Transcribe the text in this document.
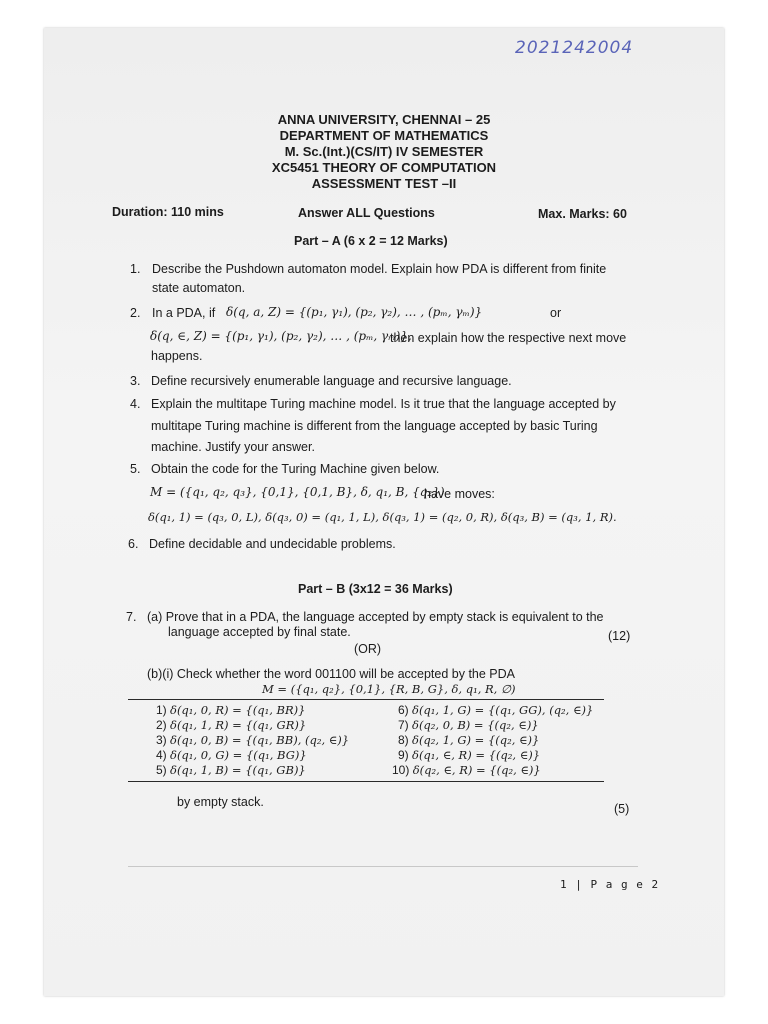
2021242004
ANNA UNIVERSITY, CHENNAI – 25
DEPARTMENT OF MATHEMATICS
M. Sc.(Int.)(CS/IT) IV SEMESTER
XC5451 THEORY OF COMPUTATION
ASSESSMENT TEST –II
Duration: 110 mins	Answer ALL Questions	Max. Marks: 60
Part – A (6 x 2 = 12 Marks)
1. Describe the Pushdown automaton model. Explain how PDA is different from finite
state automaton.
2. In a PDA, if δ(q, a, Z) = {(p₁, γ₁), (p₂, γ₂), … , (pₘ, γₘ)}	or
δ(q, ∈, Z) = {(p₁, γ₁), (p₂, γ₂), … , (pₘ, γₘ)},
then explain how the respective next move
happens.
3. Define recursively enumerable language and recursive language.
4. Explain the multitape Turing machine model. Is it true that the language accepted by
multitape Turing machine is different from the language accepted by basic Turing
machine. Justify your answer.
5. Obtain the code for the Turing Machine given below.
M = ({q₁, q₂, q₃}, {0,1}, {0,1, B}, δ, q₁, B, {q₂})
have moves:
δ(q₁, 1) = (q₃, 0, L), δ(q₃, 0) = (q₁, 1, L), δ(q₃, 1) = (q₂, 0, R), δ(q₃, B) = (q₃, 1, R).
6. Define decidable and undecidable problems.
Part – B (3x12 = 36 Marks)
7. (a) Prove that in a PDA, the language accepted by empty stack is equivalent to the
language accepted by final state.	(12)
(OR)
(b)(i) Check whether the word 001100 will be accepted by the PDA
M = ({q₁, q₂}, {0,1}, {R, B, G}, δ, q₁, R, ∅)
1) δ(q₁, 0, R) = {(q₁, BR)}
2) δ(q₁, 1, R) = {(q₁, GR)}
3) δ(q₁, 0, B) = {(q₁, BB), (q₂, ∈)}
4) δ(q₁, 0, G) = {(q₁, BG)}
5) δ(q₁, 1, B) = {(q₁, GB)}
6) δ(q₁, 1, G) = {(q₁, GG), (q₂, ∈)}
7) δ(q₂, 0, B) = {(q₂, ∈)}
8) δ(q₂, 1, G) = {(q₂, ∈)}
9) δ(q₁, ∈, R) = {(q₂, ∈)}
10) δ(q₂, ∈, R) = {(q₂, ∈)}
by empty stack.	(5)
1 | P a g e 2
